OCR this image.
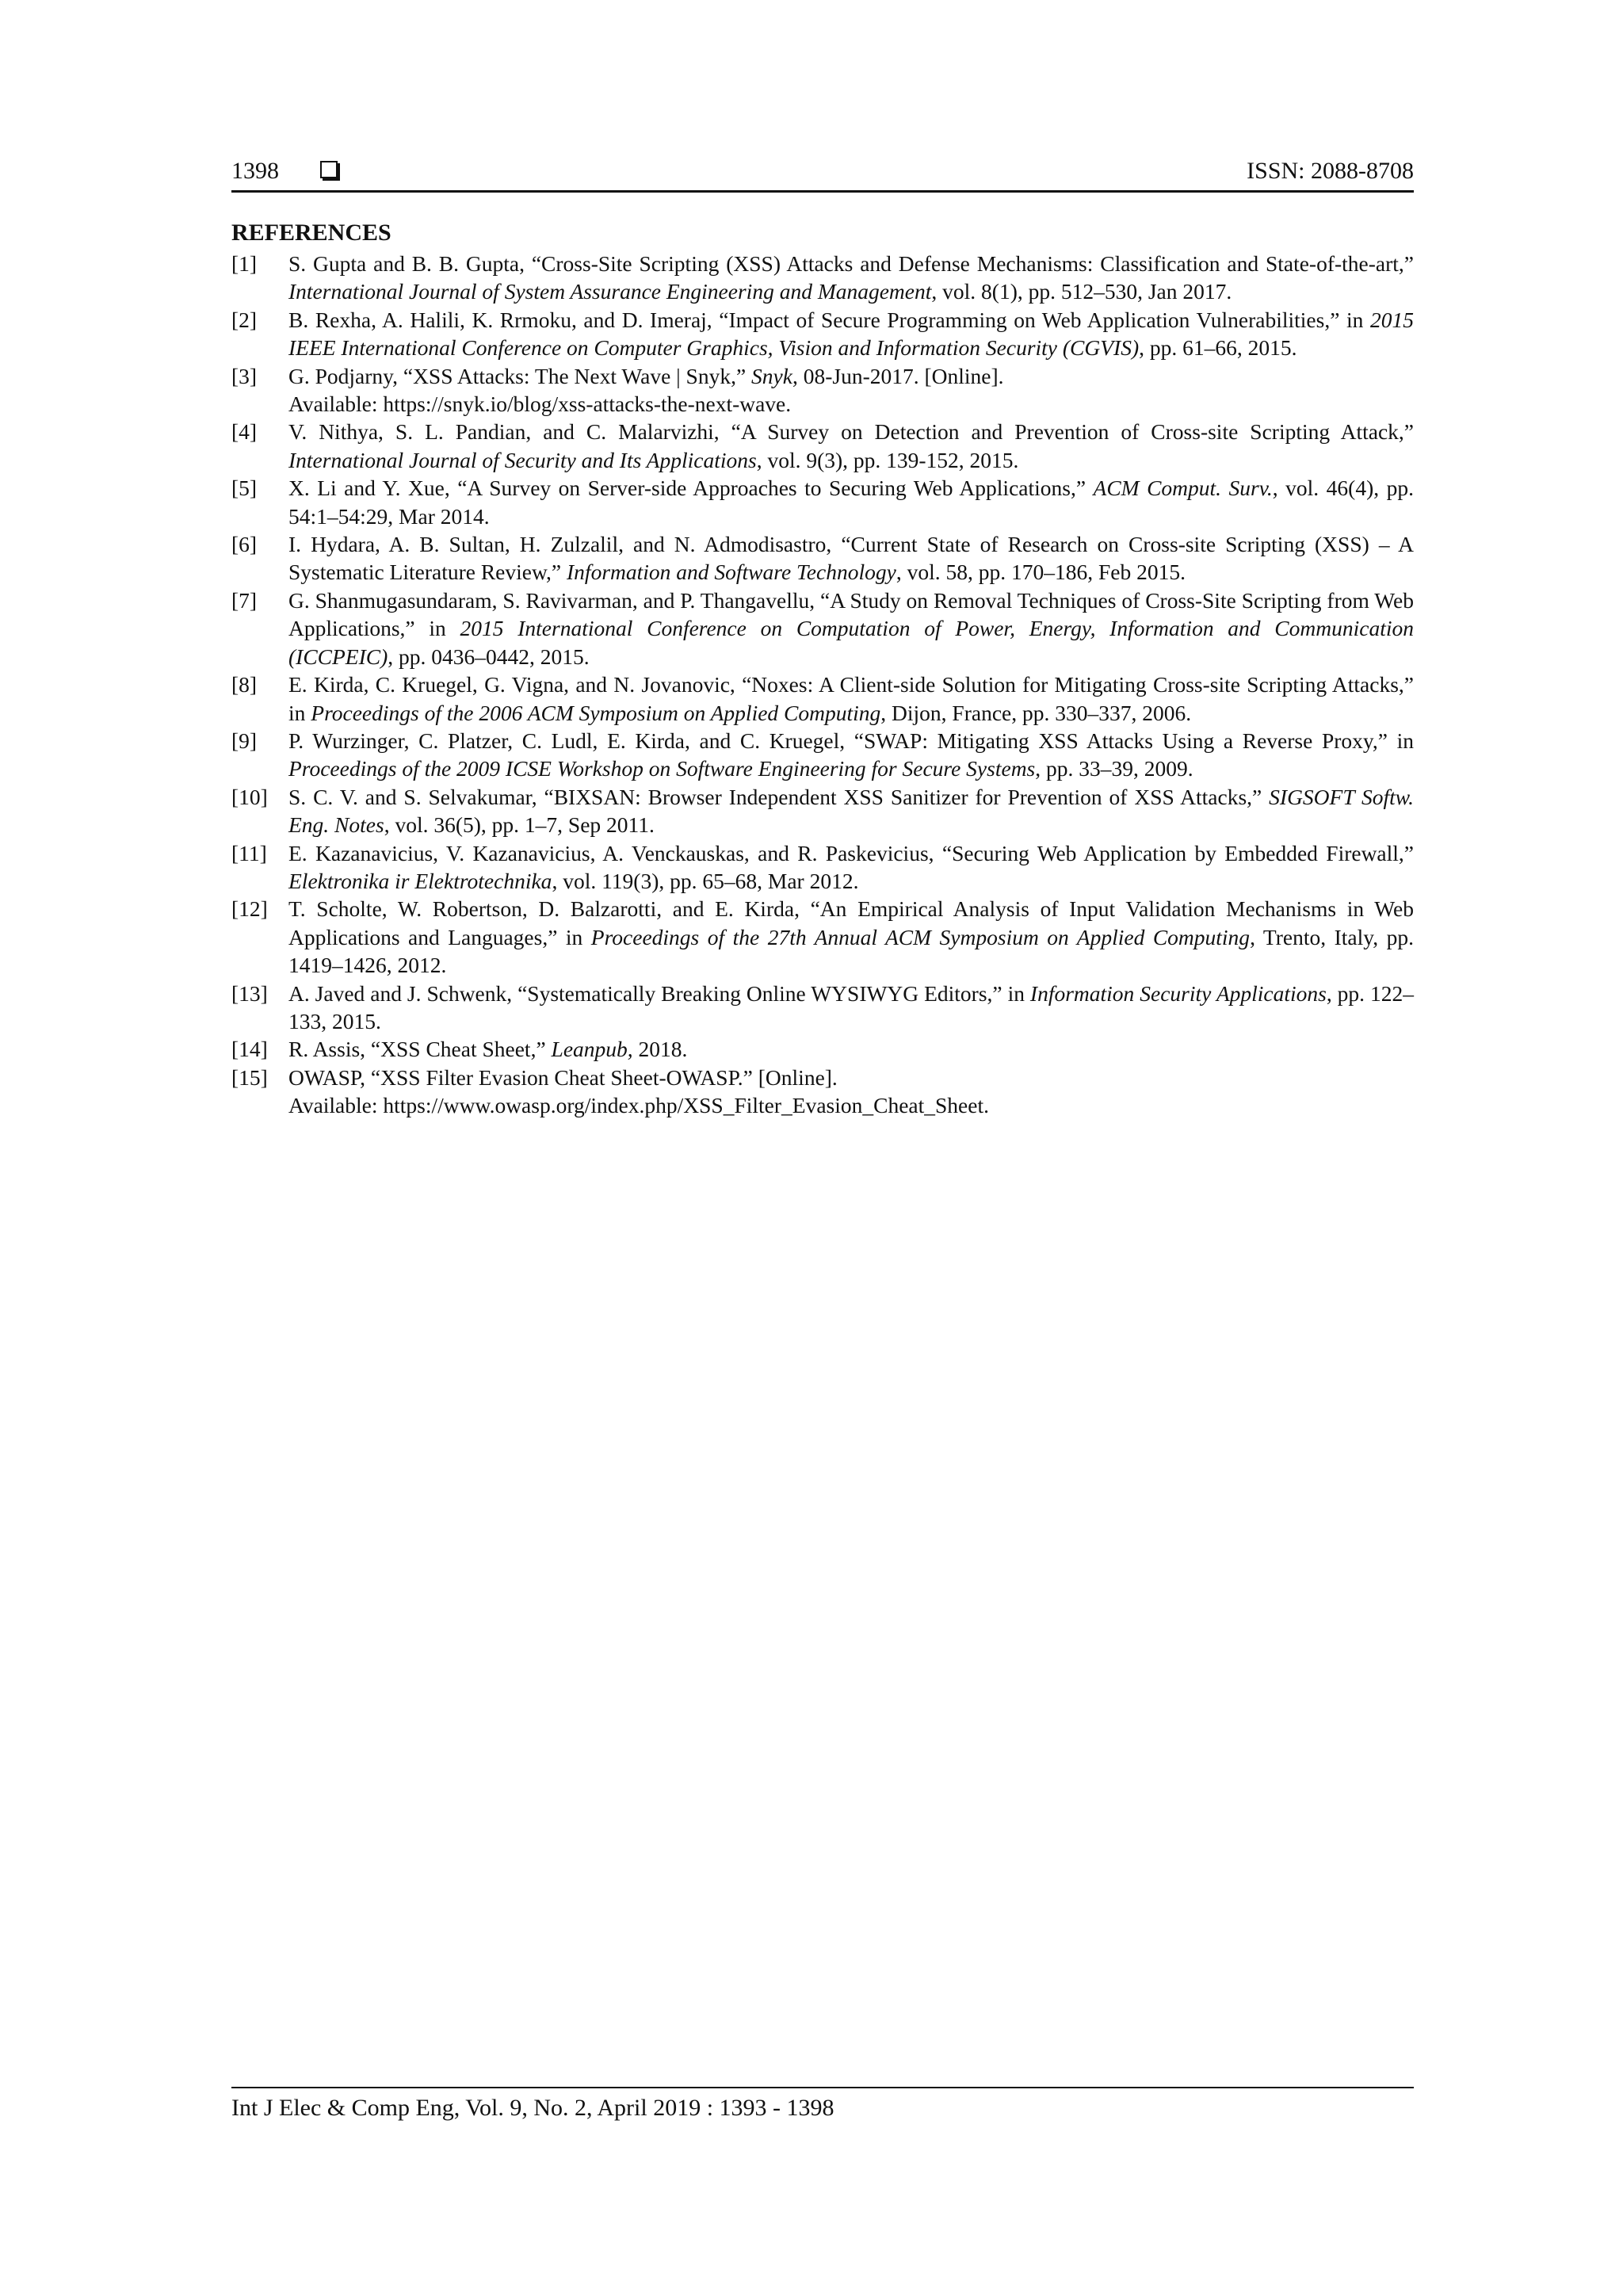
1398	ISSN: 2088-8708
REFERENCES
[1] S. Gupta and B. B. Gupta, “Cross-Site Scripting (XSS) Attacks and Defense Mechanisms: Classification and State-of-the-art,” International Journal of System Assurance Engineering and Management, vol. 8(1), pp. 512–530, Jan 2017.
[2] B. Rexha, A. Halili, K. Rrmoku, and D. Imeraj, “Impact of Secure Programming on Web Application Vulnerabilities,” in 2015 IEEE International Conference on Computer Graphics, Vision and Information Security (CGVIS), pp. 61–66, 2015.
[3] G. Podjarny, “XSS Attacks: The Next Wave | Snyk,” Snyk, 08-Jun-2017. [Online].
Available: https://snyk.io/blog/xss-attacks-the-next-wave.
[4] V. Nithya, S. L. Pandian, and C. Malarvizhi, “A Survey on Detection and Prevention of Cross-site Scripting Attack,” International Journal of Security and Its Applications, vol. 9(3), pp. 139-152, 2015.
[5] X. Li and Y. Xue, “A Survey on Server-side Approaches to Securing Web Applications,” ACM Comput. Surv., vol. 46(4), pp. 54:1–54:29, Mar 2014.
[6] I. Hydara, A. B. Sultan, H. Zulzalil, and N. Admodisastro, “Current State of Research on Cross-site Scripting (XSS) – A Systematic Literature Review,” Information and Software Technology, vol. 58, pp. 170–186, Feb 2015.
[7] G. Shanmugasundaram, S. Ravivarman, and P. Thangavellu, “A Study on Removal Techniques of Cross-Site Scripting from Web Applications,” in 2015 International Conference on Computation of Power, Energy, Information and Communication (ICCPEIC), pp. 0436–0442, 2015.
[8] E. Kirda, C. Kruegel, G. Vigna, and N. Jovanovic, “Noxes: A Client-side Solution for Mitigating Cross-site Scripting Attacks,” in Proceedings of the 2006 ACM Symposium on Applied Computing, Dijon, France, pp. 330–337, 2006.
[9] P. Wurzinger, C. Platzer, C. Ludl, E. Kirda, and C. Kruegel, “SWAP: Mitigating XSS Attacks Using a Reverse Proxy,” in Proceedings of the 2009 ICSE Workshop on Software Engineering for Secure Systems, pp. 33–39, 2009.
[10] S. C. V. and S. Selvakumar, “BIXSAN: Browser Independent XSS Sanitizer for Prevention of XSS Attacks,” SIGSOFT Softw. Eng. Notes, vol. 36(5), pp. 1–7, Sep 2011.
[11] E. Kazanavicius, V. Kazanavicius, A. Venckauskas, and R. Paskevicius, “Securing Web Application by Embedded Firewall,” Elektronika ir Elektrotechnika, vol. 119(3), pp. 65–68, Mar 2012.
[12] T. Scholte, W. Robertson, D. Balzarotti, and E. Kirda, “An Empirical Analysis of Input Validation Mechanisms in Web Applications and Languages,” in Proceedings of the 27th Annual ACM Symposium on Applied Computing, Trento, Italy, pp. 1419–1426, 2012.
[13] A. Javed and J. Schwenk, “Systematically Breaking Online WYSIWYG Editors,” in Information Security Applications, pp. 122–133, 2015.
[14] R. Assis, “XSS Cheat Sheet,” Leanpub, 2018.
[15] OWASP, “XSS Filter Evasion Cheat Sheet-OWASP.” [Online].
Available: https://www.owasp.org/index.php/XSS_Filter_Evasion_Cheat_Sheet.
Int J Elec & Comp Eng, Vol. 9, No. 2, April 2019 : 1393 - 1398
